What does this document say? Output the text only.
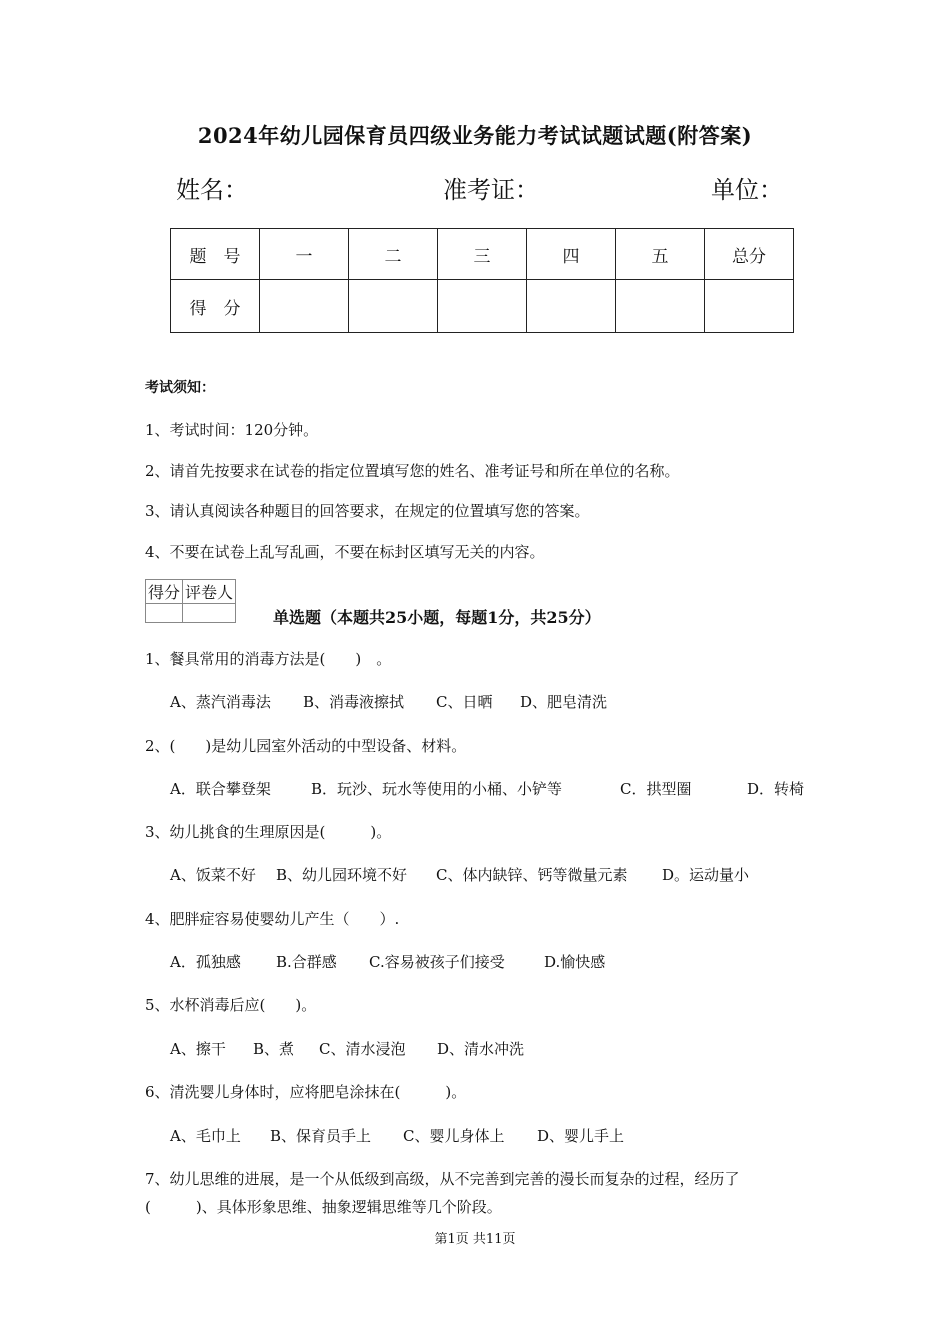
2024年幼儿园保育员四级业务能力考试试题试题(附答案)
姓名：	准考证：	单位：
题　号	一	二	三	四	五	总分
得　分						
考试须知：
1、考试时间：120分钟。
2、请首先按要求在试卷的指定位置填写您的姓名、准考证号和所在单位的名称。
3、请认真阅读各种题目的回答要求，在规定的位置填写您的答案。
4、不要在试卷上乱写乱画，不要在标封区填写无关的内容。
得分	评卷人

单选题（本题共25小题，每题1分，共25分）
1、餐具常用的消毒方法是(　　)　。
A、蒸汽消毒法 B、消毒液擦拭 C、日晒 D、肥皂清洗
2、(　　)是幼儿园室外活动的中型设备、材料。
A．联合攀登架	B．玩沙、玩水等使用的小桶、小铲等	C．拱型圈	D．转椅
3、幼儿挑食的生理原因是(　　　)。
A、饭菜不好 B、幼儿园环境不好 C、体内缺锌、钙等微量元素 D。运动量小
4、肥胖症容易使婴幼儿产生（　　）.
A．孤独感 B.合群感 C.容易被孩子们接受	D.愉快感
5、水杯消毒后应(　　)。
A、擦干 B、煮 C、清水浸泡 D、清水冲洗
6、清洗婴儿身体时，应将肥皂涂抹在(　　　)。
A、毛巾上 B、保育员手上 C、婴儿身体上 D、婴儿手上
7、幼儿思维的进展，是一个从低级到高级，从不完善到完善的漫长而复杂的过程，经历了
(　　　)、具体形象思维、抽象逻辑思维等几个阶段。
第1页 共11页
